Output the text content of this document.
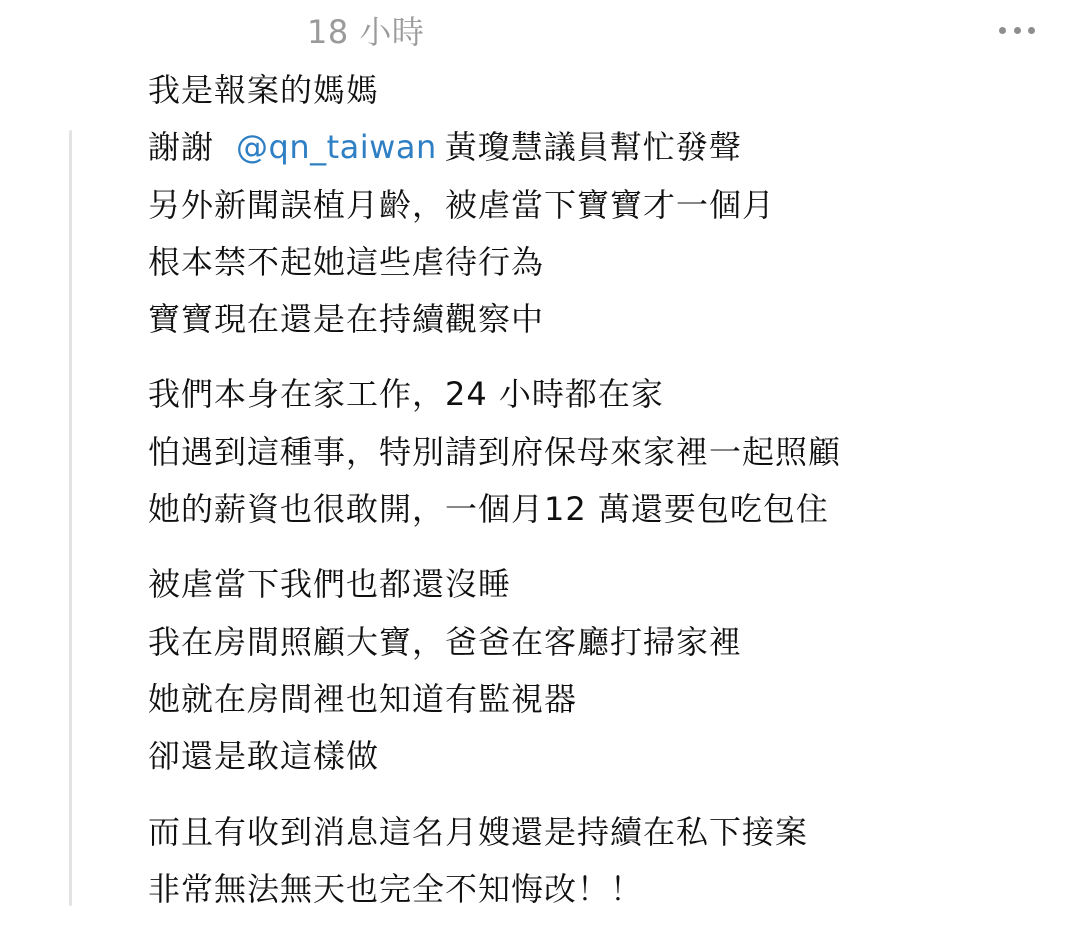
18 小時
我是報案的媽媽
謝謝 @qn_taiwan 黃瓊慧議員幫忙發聲
另外新聞誤植月齡，被虐當下寶寶才一個月
根本禁不起她這些虐待行為
寶寶現在還是在持續觀察中
我們本身在家工作，24 小時都在家
怕遇到這種事，特別請到府保母來家裡一起照顧
她的薪資也很敢開，一個月12 萬還要包吃包住
被虐當下我們也都還沒睡
我在房間照顧大寶，爸爸在客廳打掃家裡
她就在房間裡也知道有監視器
卻還是敢這樣做
而且有收到消息這名月嫂還是持續在私下接案
非常無法無天也完全不知悔改！！
